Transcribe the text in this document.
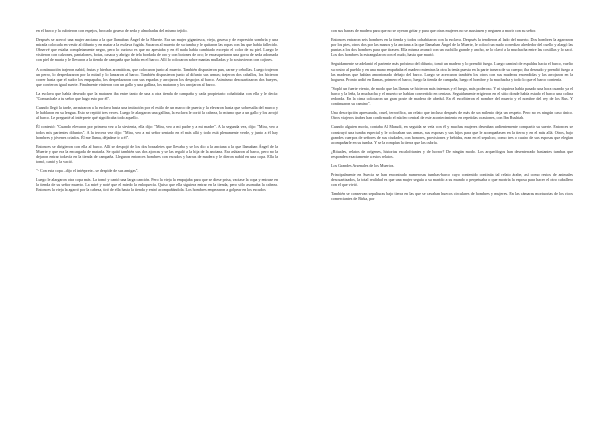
en el barco y la cubrieron con espejos, brocado grueso de seda y almohadas del mismo tejido.

Después se acercó una mujer anciana a la que llamaban Ángel de la Muerte. Era un mujer gigantesca, vieja, gruesa y de expresión sombría y una mirada colocada en vestir al difunto y en matar a la esclava fugida. Sacaron al muerto de su tumba y le quitaron las ropas con las que había fallecido. Observé que estaba completamente negro, pero lo curioso es que no apestaba y en él nada había cambiado excepto el color de su piel. Luego le vistieron con calzones, pantalones, botas, casaca y abrigo de tela bordada de oro y con botones de oro; le encasquetaron una gorra de seda adornada con piel de marta y le llevaron a la tienda de campaña que había en el barco. Allí lo colocaron sobre mantas mulladas y lo sostuvieron con cojines.

A continuación trajeron nabid, frutas y hierbas aromáticas, que colocaron junto al muerto. También dispusieron pan, carne y cebollas. Luego trajeron un perro, lo despedazaron por la mitad y lo lanzaron al barco. También dispusieron junto al difunto sus armas; trajeron dos caballos, los hicieron correr hasta que el sudor los empapaba, los despedazaron con sus espadas y arrojaron los despojos al barco. Asimismo descuartizaron dos bueyes, que corrieron igual suerte. Finalmente vinieron con un gallo y una gallina, los mataron y los arrojaron al barco.

La esclava que había deseado que la matasen iba entre tanto de una a otra tienda de campaña y cada propietario cohabitaba con ella y le decía: "Comunícale a tu señor que hago esto por él".

Cuando llegó la tarde, arrastraron a la esclava hasta una imitación por el estilo de un marco de puerta y la elevaron hasta que sobresalía del marco y le hablaron en su lengua. Esto se repitió tres veces. Luego le alargaron una gallina, la esclava le cortó la cabeza, lo mismo que a un gallo y los arrojó al barco. Le pregunté al intérprete qué significaba todo aquello.

Él contestó: "Cuando elevaron por primera vez a la sirvienta, ella dijo: "Mira, veo a mi padre y a mi madre". A la segunda vez, dijo: "Mira, veo a todos mis parientes difuntos". A la tercera vez dijo: "Mira, veo a mi señor sentado en el más allá y todo está plenamente verde, y junto a él hay hombres y jóvenes criados. Él me llama, déjadme ir a él".

Entonces se dirigieron con ella al barco. Allí se despojó de los dos brazaletes que llevaba y se los dio a la anciana a la que llamaban Ángel de la Muerte y que era la encargada de matarla. Se quitó también sus dos ajorcas y se las regaló a la hija de la anciana. Era ashtaron al barco, pero no la dejaron entrar todavía en la tienda de campaña. Llegaron entonces hombres con escudos y barras de madera y le dieron nabid en una copa. Ella la tomó, cantó y la vació.

"- Con esta copa –dijo el intérprete– se despide de sus amigas".

Luego le alargaron otra copa más. La tomó y cantó una larga canción. Pero la vieja la empujaba para que se diese prisa, vaciase la copa y entrase en la tienda de su señor muerto. La miré y noté que el miedo la enloquecía. Quiso que ella siguiera entrar en la tienda, pero sólo asomaba la cabeza. Entonces la vieja la agarró por la cabeza, tiró de ella hasta la tienda y entró acompañándola. Los hombres empezaron a golpear en los escudos

con sus barras de madera para que no se oyeran gritar y para que otras mujeres no se asustasen y negasen a morir con su señor.

Entonces entraron seis hombres en la tienda y todos cohabitaron con la esclava. Después la tendieron al lado del muerto. Dos hombres la agarraron por los pies, otros dos por las manos y la anciana a la que llamaban Ángel de la Muerte, le colocó un nudo corredizo alrededor del cuello y alargó las puntas a los dos hombres para que tirasen. Ella misma avanzó con un cuchillo grande y ancho, se lo clavó a la muchacha entre las costillas y lo sacó. Los dos hombres la estrangularon con el nudo, hasta que murió.

Seguidamente se adelantó el pariente más próximo del difunto, tomó un madero y lo prendió fuego. Luego caminó de espaldas hacia el barco, vuelto su rostro al pueblo y en una mano empuñaba el madero mientras la otra la tenía puesta en la parte trasera de su cuerpo; iba desnudo y prendió fuego a las maderas que habían amontonado debajo del barco. Luego se acercaron también los otros con sus maderas encendidas y las arrojaron en la hoguera. Pronto ardió en llamas, primero el barco, luego la tienda de campaña, luego el hombre y la muchacha y todo lo que el barco contenía.

"Sopló un fuerte viento, de modo que las llamas se hicieron más intensas y el fuego, más poderoso. Y ni siquiera había pasado una hora cuando ya el barco y la leña, la muchacha y el muerto se habían convertido en cenizas. Seguidamente erigieron en el sitio donde había estado el barco una colina redonda. En la cima colocaron un gran poste de madera de abedul. En él escribieron el nombre del muerto y el nombre del rey de los Rus. Y continuaron su camino".

Una descripción apresurada, cruel, terrorífica, un relato que incluso después de más de un milenio deja un respeto. Pero no es ningún caso único. Otros viajeros árabes han confirmado el núcleo central de este acontecimiento en repetidas ocasiones, con Ibn Rushtah.

Cuando alguien moría, contaba Al Masudi, en seguida se veía con él y muchas mujeres deseaban ardientemente compartir su suerte. Entonces se construyó una tumba especial y le colocaban sus armas, sus esposas y sus hijos para que le acompañasen en la tierra y en el más allá. Otros, bajo grandes cuerpos de señores de sus ciudades, con honores, provisiones y bebidas, eran en el sepulcro, como tres o cuatro de sus esposas que elegían acompañarle en su tumba. Y se la rompían la tierra que las cubría.

¿Rituales, relatos de orígenes, historias escalofriantes y de horror? De ningún modo. Los arqueólogos han desenterrado bastantes tumbas que responden exactamente a estos relatos.

Los Grandes Arsenales de los Muertos.

Principalmente en Suecia se han encontrado numerosas tumbas-barco cuyo contenido continúa tal relato árabe, así como restos de animales descuartizados, la total realidad es que una mujer seguía a su marido a su mundo o perpetuaba o que moriría la esposa para hacer el otro caballero con el que vivió.

También se conservan sepulturas bajo tierra en las que se cavaban huecos circulares de hombres y mujeres. En las cámaras mortuorias de los ricos comerciantes de Birka, por
